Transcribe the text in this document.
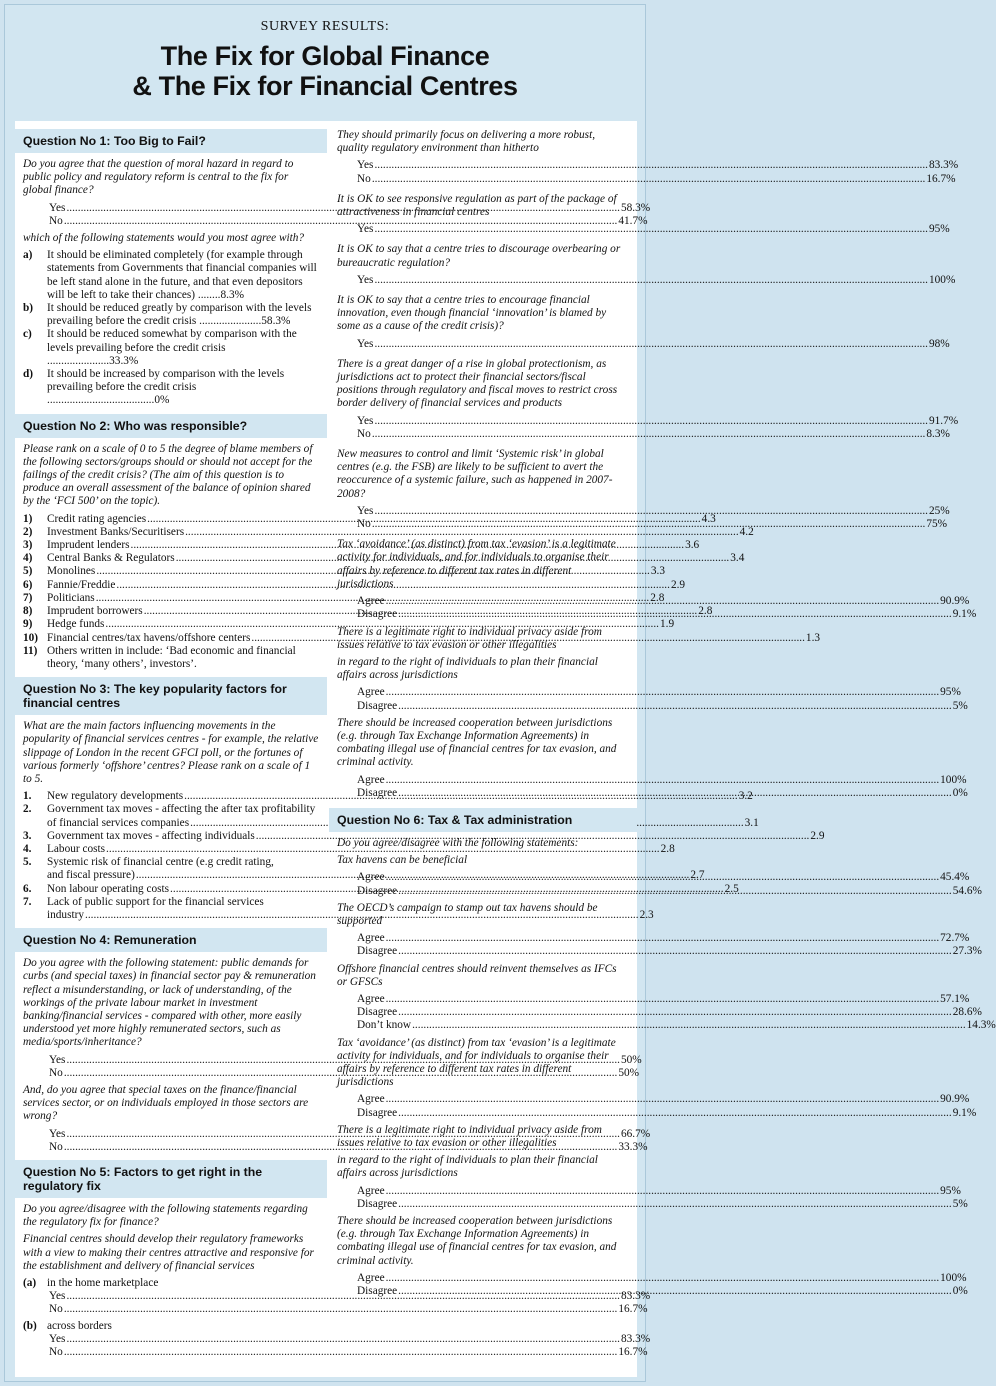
SURVEY RESULTS:
The Fix for Global Finance
& The Fix for Financial Centres
Question No 1: Too Big to Fail?
Do you agree that the question of moral hazard in regard to public policy and regulatory reform is central to the fix for global finance?
Yes .....	58.3%
No .....	41.7%
which of the following statements would you most agree with?
a)	It should be eliminated completely (for example through statements from Governments that financial companies will be left stand alone in the future, and that even depositors will be left to take their chances) ........8.3%
b)	It should be reduced greatly by comparison with the levels prevailing before the credit crisis ......................58.3%
c)	It should be reduced somewhat by comparison with the levels prevailing before the credit crisis ......................33.3%
d)	It should be increased by comparison with the levels prevailing before the credit crisis ......................................0%
Question No 2: Who was responsible?
Please rank on a scale of 0 to 5 the degree of blame members of the following sectors/groups should or should not accept for the failings of the credit crisis? (The aim of this question is to produce an overall assessment of the balance of opinion shared by the ‘FCI 500’ on the topic).
1)	Credit rating agencies .....	4.3
2)	Investment Banks/Securitisers .....	4.2
3)	Imprudent lenders .....	3.6
4)	Central Banks & Regulators .....	3.4
5)	Monolines .....	3.3
6)	Fannie/Freddie .....	2.9
7)	Politicians .....	2.8
8)	Imprudent borrowers .....	2.8
9)	Hedge funds .....	1.9
10) Financial centres/tax havens/offshore centers .....	1.3
11) Others written in include: ‘Bad economic and financial theory, ‘many others’, investors’.
Question No 3: The key popularity factors for financial centres
What are the main factors influencing movements in the popularity of financial services centres - for example, the relative slippage of London in the recent GFCI poll, or the fortunes of various formerly ‘offshore’ centres? Please rank on a scale of 1 to 5.
1.	New regulatory developments .....	3.2
2.	Government tax moves - affecting the after tax profitability
of financial services companies .....	3.1
3.	Government tax moves - affecting individuals .....	2.9
4.	Labour costs .....	2.8
5.	Systemic risk of financial centre (e.g credit rating,
and fiscal pressure) .....	2.7
6.	Non labour operating costs .....	2.5
7.	Lack of public support for the financial services
industry .....	2.3
Question No 4: Remuneration
Do you agree with the following statement: public demands for curbs (and special taxes) in financial sector pay & remuneration reflect a misunderstanding, or lack of understanding, of the workings of the private labour market in investment banking/financial services - compared with other, more easily understood yet more highly remunerated sectors, such as media/sports/inheritance?
Yes .....	50%
No .....	50%
And, do you agree that special taxes on the finance/financial services sector, or on individuals employed in those sectors are wrong?
Yes .....	66.7%
No .....	33.3%
Question No 5: Factors to get right in the regulatory fix
Do you agree/disagree with the following statements regarding the regulatory fix for finance?
Financial centres should develop their regulatory frameworks with a view to making their centres attractive and responsive for the establishment and delivery of financial services
(a) in the home marketplace
Yes .....	83.3%
No .....	16.7%
(b) across borders
Yes .....	83.3%
No .....	16.7%
They should primarily focus on delivering a more robust, quality regulatory environment than hitherto
Yes .....	83.3%
No .....	16.7%
It is OK to see responsive regulation as part of the package of attractiveness in financial centres
Yes .....	95%
It is OK to say that a centre tries to discourage overbearing or bureaucratic regulation?
Yes .....	100%
It is OK to say that a centre tries to encourage financial innovation, even though financial ‘innovation’ is blamed by some as a cause of the credit crisis)?
Yes .....	98%
There is a great danger of a rise in global protectionism, as jurisdictions act to protect their financial sectors/fiscal positions through regulatory and fiscal moves to restrict cross border delivery of financial services and products
Yes .....	91.7%
No .....	8.3%
New measures to control and limit ‘Systemic risk’ in global centres (e.g. the FSB) are likely to be sufficient to avert the reoccurence of a systemic failure, such as happened in 2007-2008?
Yes .....	25%
No .....	75%
Tax ‘avoidance’ (as distinct) from tax ‘evasion’ is a legitimate activity for individuals, and for individuals to organise their affairs by reference to different tax rates in different jurisdictions
Agree .....	90.9%
Disagree .....	9.1%
There is a legitimate right to individual privacy aside from issues relative to tax evasion or other illegalities
in regard to the right of individuals to plan their financial affairs across jurisdictions
Agree .....	95%
Disagree .....	5%
There should be increased cooperation between jurisdictions (e.g. through Tax Exchange Information Agreements) in combating illegal use of financial centres for tax evasion, and criminal activity.
Agree .....	100%
Disagree .....	0%
Question No 6: Tax & Tax administration
Do you agree/disagree with the following statements:
Tax havens can be beneficial
Agree .....	45.4%
Disagree .....	54.6%
The OECD’s campaign to stamp out tax havens should be supported
Agree .....	72.7%
Disagree .....	27.3%
Offshore financial centres should reinvent themselves as IFCs or GFSCs
Agree .....	57.1%
Disagree .....	28.6%
Don’t know .....	14.3%
Tax ‘avoidance’ (as distinct) from tax ‘evasion’ is a legitimate activity for individuals, and for individuals to organise their affairs by reference to different tax rates in different jurisdictions
Agree .....	90.9%
Disagree .....	9.1%
There is a legitimate right to individual privacy aside from issues relative to tax evasion or other illegalities
in regard to the right of individuals to plan their financial affairs across jurisdictions
Agree .....	95%
Disagree .....	5%
There should be increased cooperation between jurisdictions (e.g. through Tax Exchange Information Agreements) in combating illegal use of financial centres for tax evasion, and criminal activity.
Agree .....	100%
Disagree .....	0%
